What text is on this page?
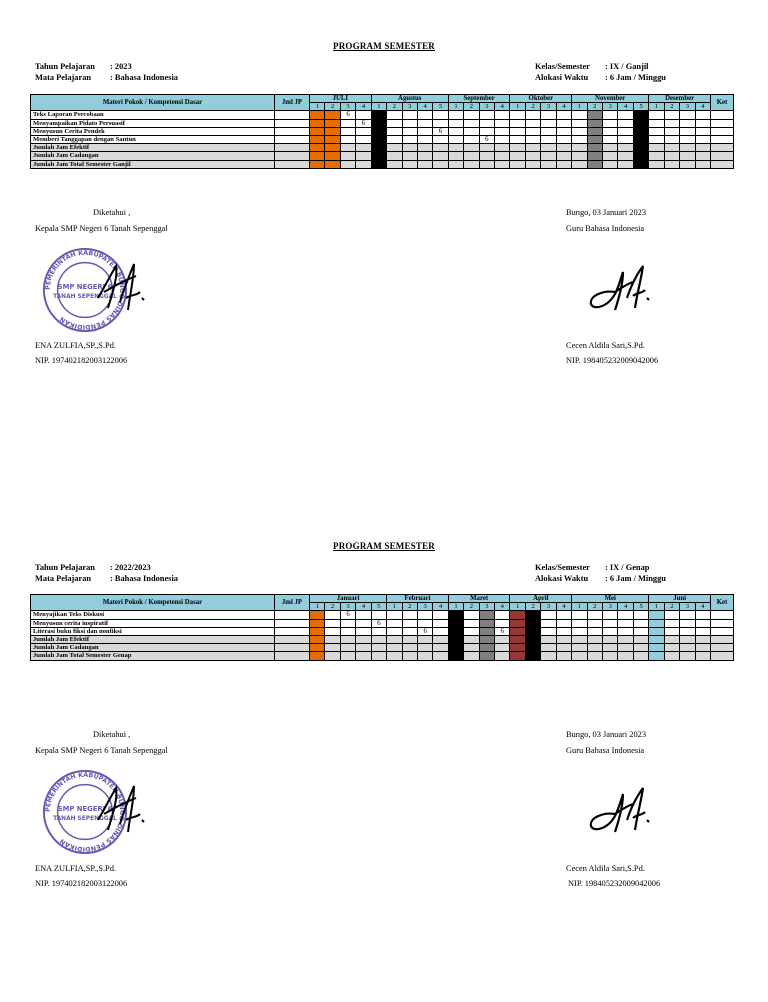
PROGRAM SEMESTER
Tahun Pelajaran : 2023
Mata Pelajaran : Bahasa Indonesia
Kelas/Semester : IX / Ganjil
Alokasi Waktu : 6 Jam / Minggu
Materi Pokok / Kompetensi Dasar	Jml JP	JULI				Agustus					September				Oktober				November					Desember				Ket
		1	2	3	4	1	2	3	4	5	1	2	3	4	1	2	3	4	1	2	3	4	5	1	2	3	4	
Teks Laporan Percobaan				6																								
Menyampaikan Pidato Persuasif					6																							
Menyusun Cerita Pendek										6																		
Memberi Tanggapan dengan Santun													6															
Jumlah Jam Efektif																												
Jumlah Jam Cadangan																												
Jumlah Jam Total Semester Ganjil																												
Diketahui ,
Kepala SMP Negeri 6 Tanah Sepenggal
ENA ZULFIA,SP.,S.Pd.
NIP. 197402182003122006
Bungo, 03 Januari 2023
Guru Bahasa Indonesia
Cecen Aldila Sari,S.Pd.
NIP. 198405232009042006
PEMERINTAH KABUPATEN BUNGO DINAS PENDIDIKAN
SMP NEGERI 6
TANAH SEPENGGAL
PROGRAM SEMESTER
Tahun Pelajaran : 2022/2023
Mata Pelajaran : Bahasa Indonesia
Kelas/Semester : IX / Genap
Alokasi Waktu : 6 Jam / Minggu
Materi Pokok / Kompetensi Dasar	Jml JP	Januari					Februari				Maret				April				Mei					Juni				Ket
		1	2	3	4	5	1	2	3	4	1	2	3	4	1	2	3	4	1	2	3	4	5	1	2	3	4	
Menyajikan Teks Diskusi				6																								
Menyusun cerita inspiratif						6																						
Literasi buku fiksi dan nonfiksi									6					6														
Jumlah Jam Efektif																												
Jumlah Jam Cadangan																												
Jumlah Jam Total Semester Genap																												
Diketahui ,
Kepala SMP Negeri 6 Tanah Sepenggal
ENA ZULFIA,SP.,S.Pd.
NIP. 197402182003122006
Bungo, 03 Januari 2023
Guru Bahasa Indonesia
Cecen Aldila Sari,S.Pd.
NIP. 198405232009042006
PEMERINTAH KABUPATEN BUNGO DINAS PENDIDIKAN
SMP NEGERI 6
TANAH SEPENGGAL
